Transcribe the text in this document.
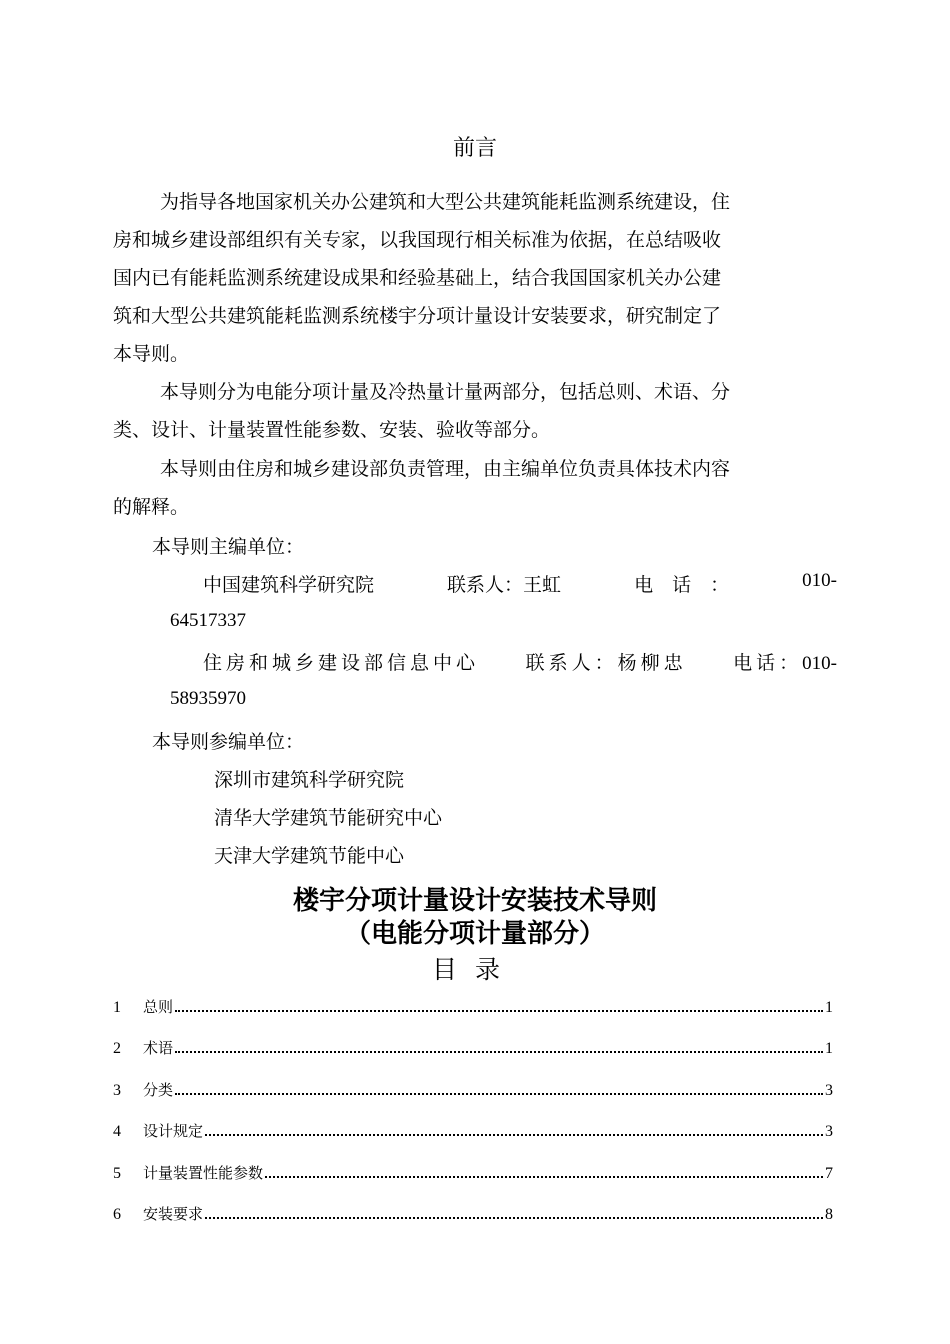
前言
为指导各地国家机关办公建筑和大型公共建筑能耗监测系统建设，住
房和城乡建设部组织有关专家，以我国现行相关标准为依据，在总结吸收
国内已有能耗监测系统建设成果和经验基础上，结合我国国家机关办公建
筑和大型公共建筑能耗监测系统楼宇分项计量设计安装要求，研究制定了
本导则。
本导则分为电能分项计量及冷热量计量两部分，包括总则、术语、分
类、设计、计量装置性能参数、安装、验收等部分。
本导则由住房和城乡建设部负责管理，由主编单位负责具体技术内容
的解释。
本导则主编单位：
中国建筑科学研究院	联系人：王虹	电　话　：	010-
64517337
住房和城乡建设部信息中心 联系人：杨柳忠 电话：010-
58935970
本导则参编单位：
深圳市建筑科学研究院
清华大学建筑节能研究中心
天津大学建筑节能中心
楼宇分项计量设计安装技术导则
（电能分项计量部分）
目录
1	总则	1
2	术语	1
3	分类	3
4	设计规定	3
5	计量装置性能参数	7
6	安装要求	8
